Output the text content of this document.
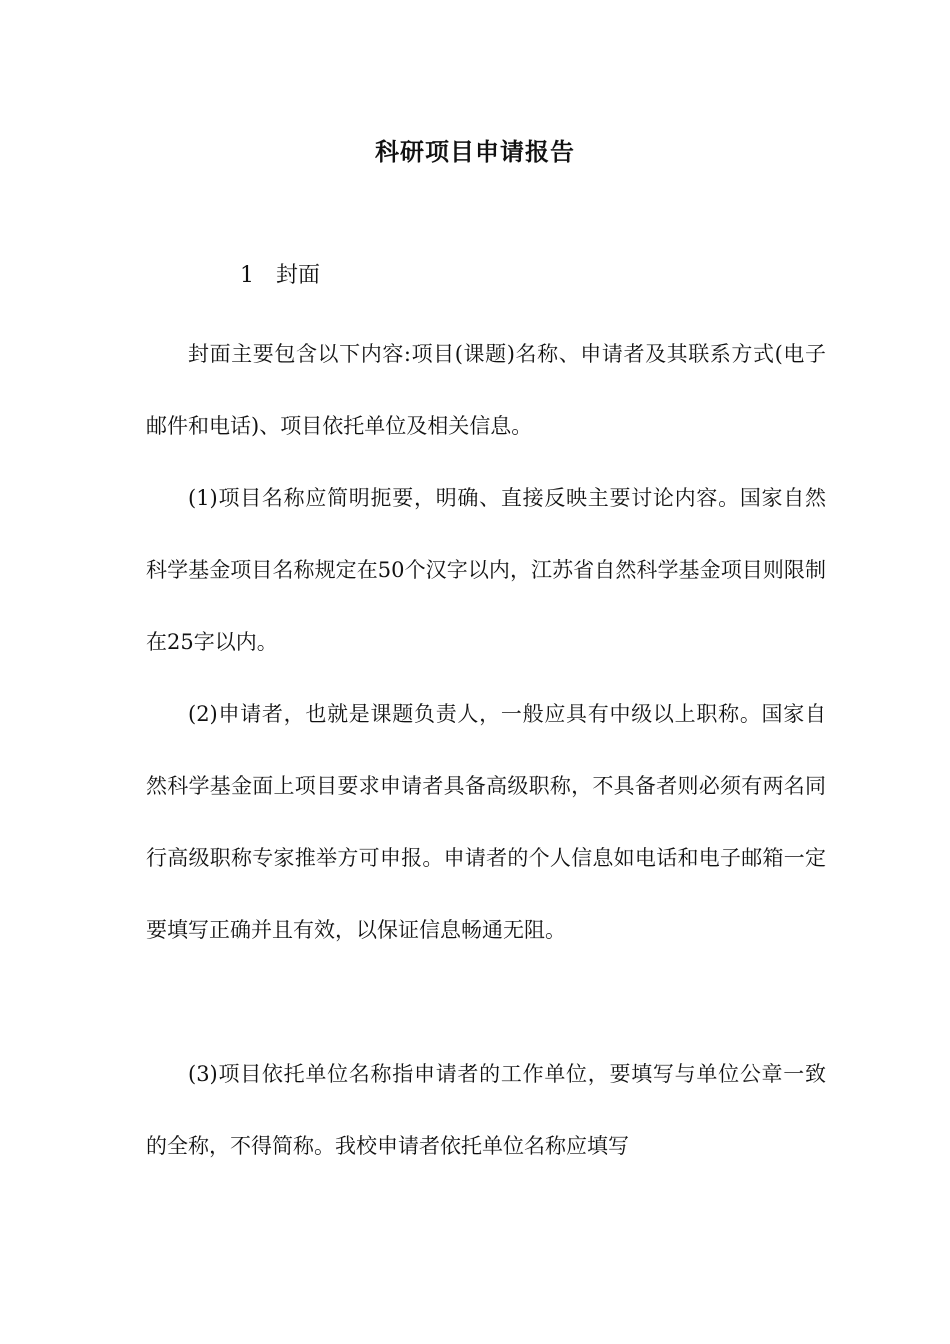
科研项目申请报告
1 封面

封面主要包含以下内容:项目(课题)名称、申请者及其联系方式(电子邮件和电话)、项目依托单位及相关信息。

(1)项目名称应简明扼要，明确、直接反映主要讨论内容。国家自然科学基金项目名称规定在50个汉字以内，江苏省自然科学基金项目则限制在25字以内。

(2)申请者，也就是课题负责人，一般应具有中级以上职称。国家自然科学基金面上项目要求申请者具备高级职称，不具备者则必须有两名同行高级职称专家推举方可申报。申请者的个人信息如电话和电子邮箱一定要填写正确并且有效，以保证信息畅通无阻。

(3)项目依托单位名称指申请者的工作单位，要填写与单位公章一致的全称，不得简称。我校申请者依托单位名称应填写
